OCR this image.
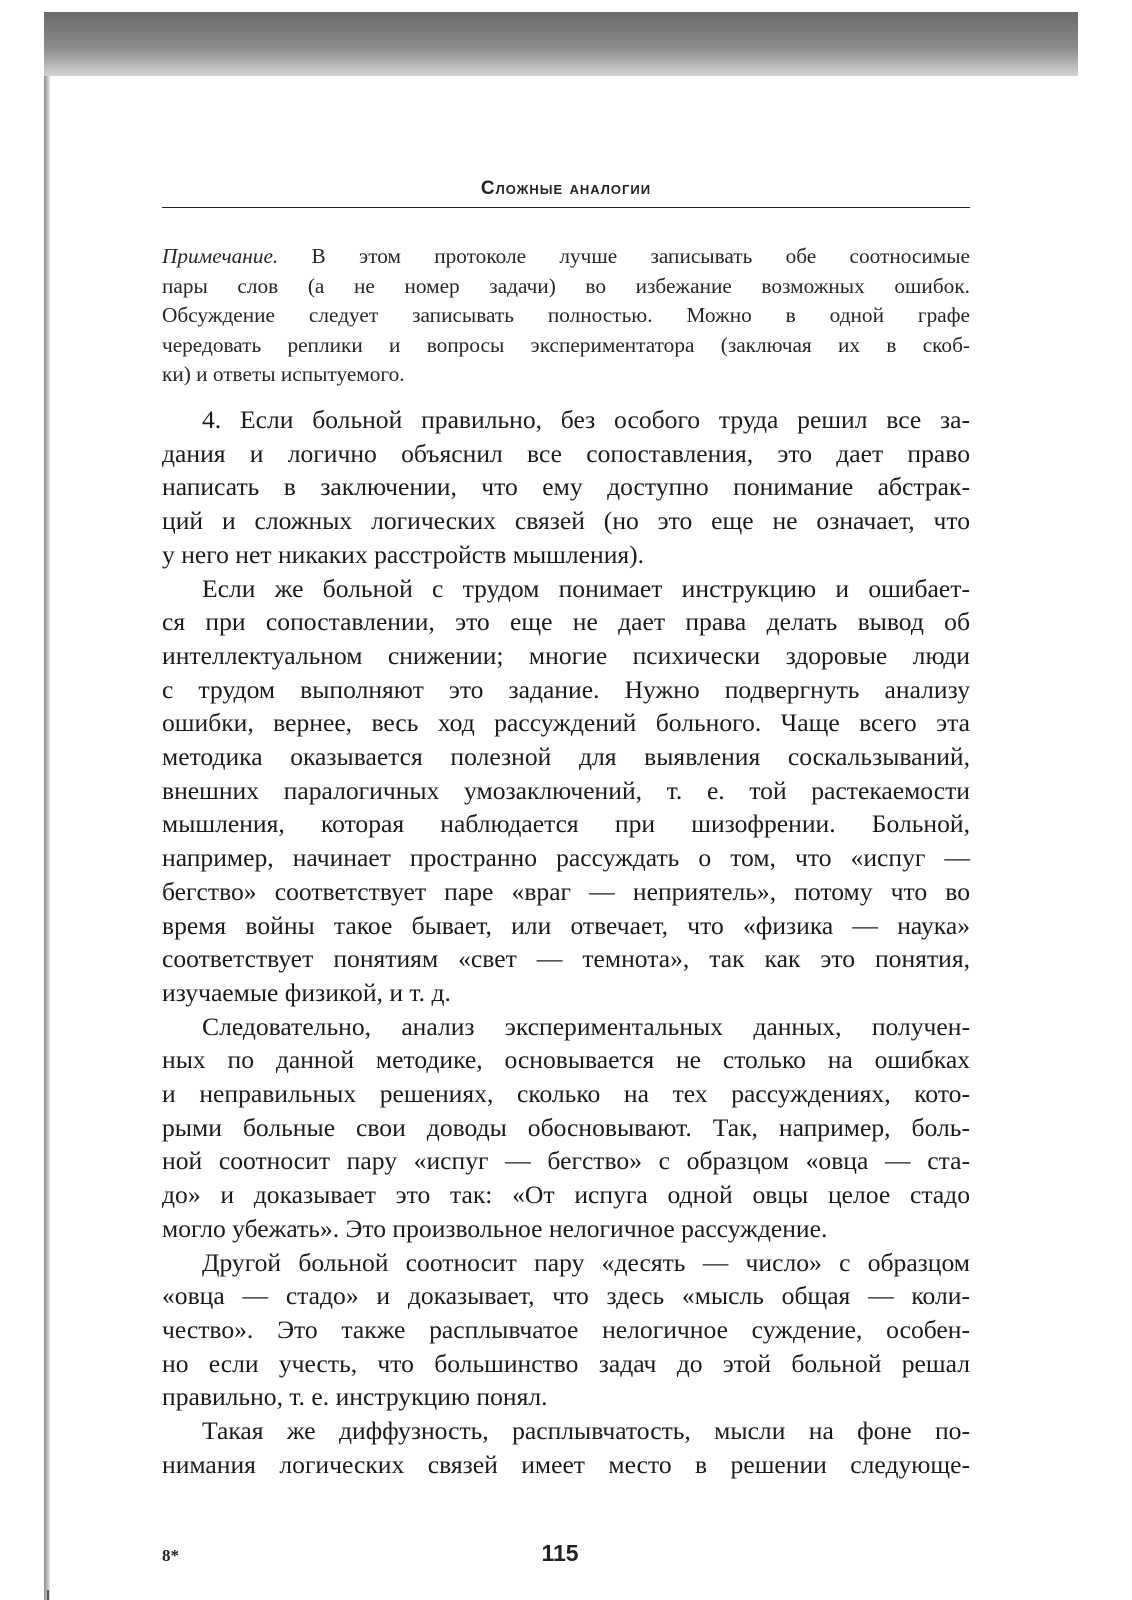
Сложные аналогии
Примечание. В этом протоколе лучше записывать обе соотносимые
пары слов (а не номер задачи) во избежание возможных ошибок.
Обсуждение следует записывать полностью. Можно в одной графе
чередовать реплики и вопросы экспериментатора (заключая их в скоб-
ки) и ответы испытуемого.
4. Если больной правильно, без особого труда решил все за-
дания и логично объяснил все сопоставления, это дает право
написать в заключении, что ему доступно понимание абстрак-
ций и сложных логических связей (но это еще не означает, что
у него нет никаких расстройств мышления).
Если же больной с трудом понимает инструкцию и ошибает-
ся при сопоставлении, это еще не дает права делать вывод об
интеллектуальном снижении; многие психически здоровые люди
с трудом выполняют это задание. Нужно подвергнуть анализу
ошибки, вернее, весь ход рассуждений больного. Чаще всего эта
методика оказывается полезной для выявления соскальзываний,
внешних паралогичных умозаключений, т. е. той растекаемости
мышления, которая наблюдается при шизофрении. Больной,
например, начинает пространно рассуждать о том, что «испуг —
бегство» соответствует паре «враг — неприятель», потому что во
время войны такое бывает, или отвечает, что «физика — наука»
соответствует понятиям «свет — темнота», так как это понятия,
изучаемые физикой, и т. д.
Следовательно, анализ экспериментальных данных, получен-
ных по данной методике, основывается не столько на ошибках
и неправильных решениях, сколько на тех рассуждениях, кото-
рыми больные свои доводы обосновывают. Так, например, боль-
ной соотносит пару «испуг — бегство» с образцом «овца — ста-
до» и доказывает это так: «От испуга одной овцы целое стадо
могло убежать». Это произвольное нелогичное рассуждение.
Другой больной соотносит пару «десять — число» с образцом
«овца — стадо» и доказывает, что здесь «мысль общая — коли-
чество». Это также расплывчатое нелогичное суждение, особен-
но если учесть, что большинство задач до этой больной решал
правильно, т. е. инструкцию понял.
Такая же диффузность, расплывчатость, мысли на фоне по-
нимания логических связей имеет место в решении следующе-
8*	115
